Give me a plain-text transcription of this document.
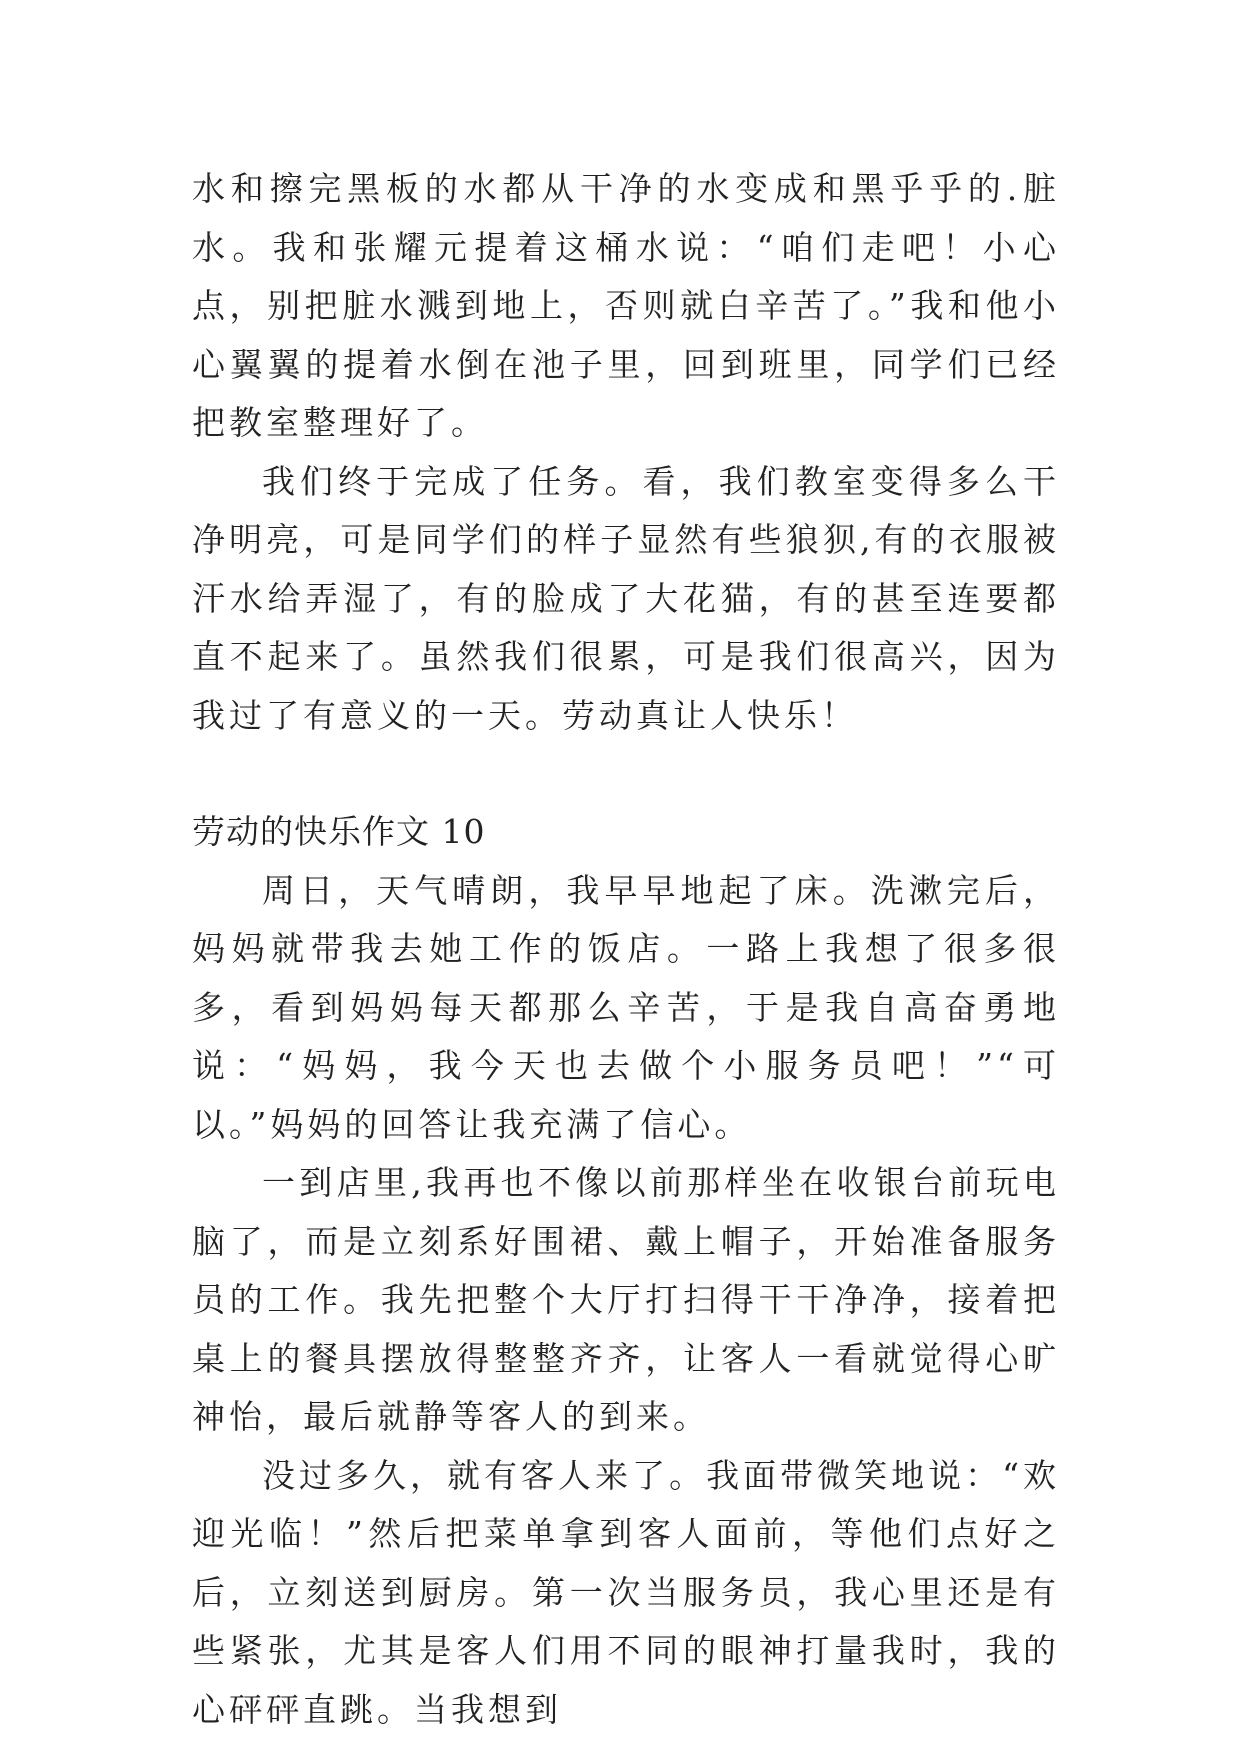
水和擦完黑板的水都从干净的水变成和黑乎乎的.脏水。我和张耀元提着这桶水说：“咱们走吧！小心点，别把脏水溅到地上，否则就白辛苦了。”我和他小心翼翼的提着水倒在池子里，回到班里，同学们已经把教室整理好了。

我们终于完成了任务。看，我们教室变得多么干净明亮，可是同学们的样子显然有些狼狈,有的衣服被汗水给弄湿了，有的脸成了大花猫，有的甚至连要都直不起来了。虽然我们很累，可是我们很高兴，因为我过了有意义的一天。劳动真让人快乐！

劳动的快乐作文 10

周日，天气晴朗，我早早地起了床。洗漱完后，妈妈就带我去她工作的饭店。一路上我想了很多很多，看到妈妈每天都那么辛苦，于是我自高奋勇地说：“妈妈，我今天也去做个小服务员吧！”“可以。”妈妈的回答让我充满了信心。

一到店里,我再也不像以前那样坐在收银台前玩电脑了，而是立刻系好围裙、戴上帽子，开始准备服务员的工作。我先把整个大厅打扫得干干净净，接着把桌上的餐具摆放得整整齐齐，让客人一看就觉得心旷神怡，最后就静等客人的到来。

没过多久，就有客人来了。我面带微笑地说：“欢迎光临！”然后把菜单拿到客人面前，等他们点好之后，立刻送到厨房。第一次当服务员，我心里还是有些紧张，尤其是客人们用不同的眼神打量我时，我的心砰砰直跳。当我想到
